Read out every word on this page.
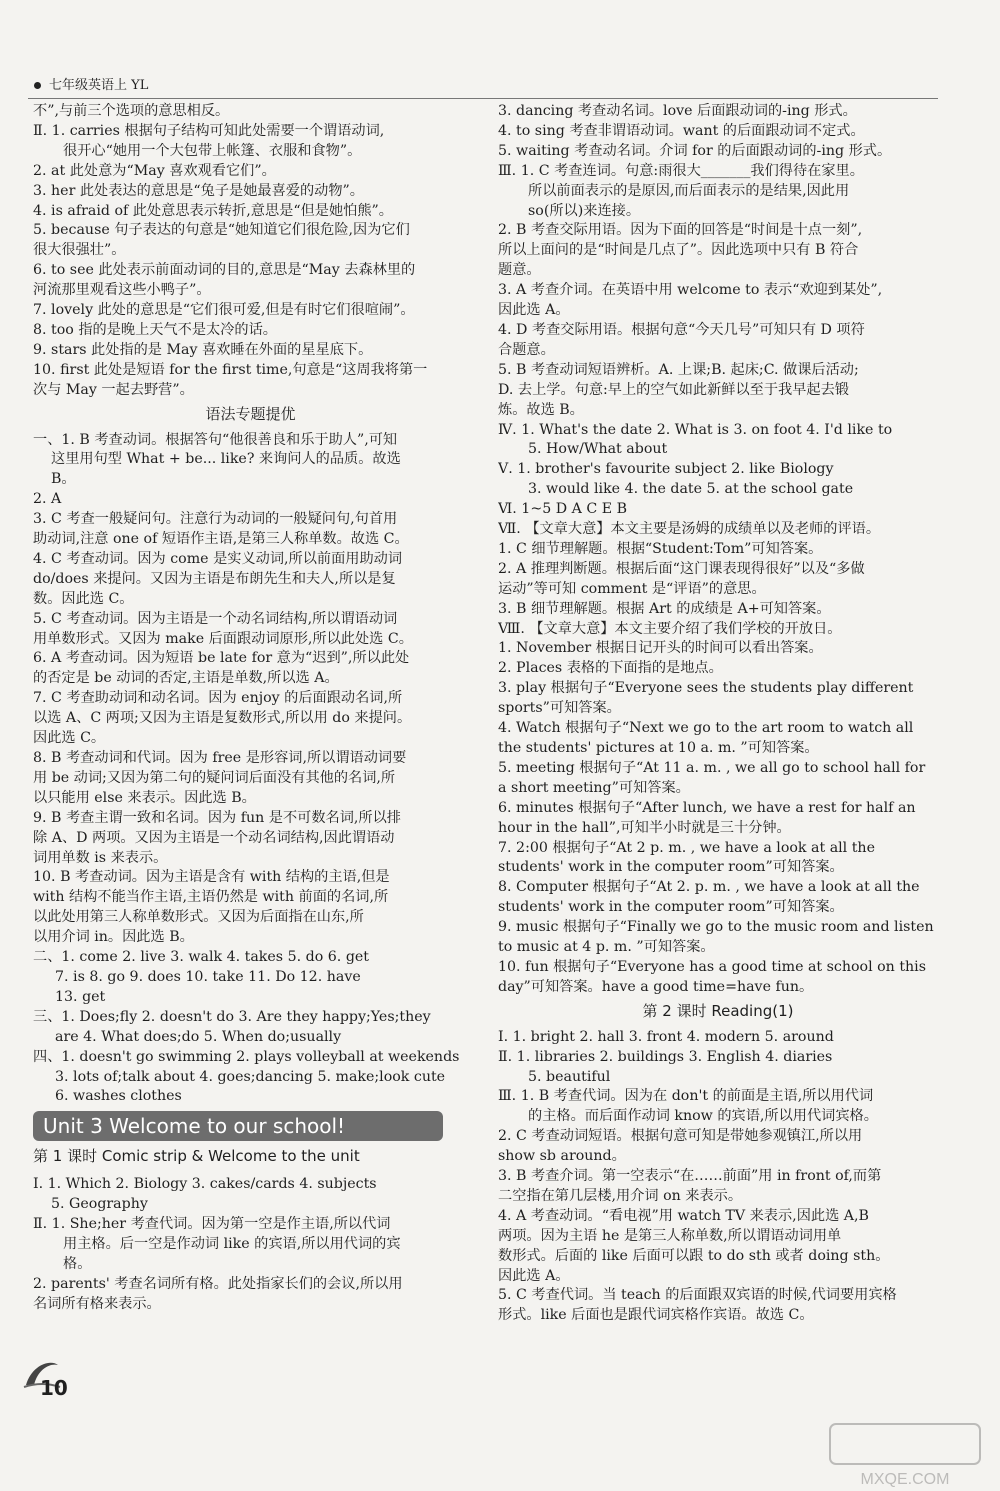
七年级英语上 YL
不”,与前三个选项的意思相反。
Ⅱ. 1. carries 根据句子结构可知此处需要一个谓语动词,
很开心“她用一个大包带上帐篷、衣服和食物”。
2. at 此处意为“May 喜欢观看它们”。
3. her 此处表达的意思是“兔子是她最喜爱的动物”。
4. is afraid of 此处意思表示转折,意思是“但是她怕熊”。
5. because 句子表达的句意是“她知道它们很危险,因为它们
很大很强壮”。
6. to see 此处表示前面动词的目的,意思是“May 去森林里的
河流那里观看这些小鸭子”。
7. lovely 此处的意思是“它们很可爱,但是有时它们很喧闹”。
8. too 指的是晚上天气不是太冷的话。
9. stars 此处指的是 May 喜欢睡在外面的星星底下。
10. first 此处是短语 for the first time,句意是“这周我将第一
次与 May 一起去野营”。
语法专题提优
一、1. B 考查动词。根据答句“他很善良和乐于助人”,可知
这里用句型 What + be... like? 来询问人的品质。故选
B。
2. A
3. C 考查一般疑问句。注意行为动词的一般疑问句,句首用
助动词,注意 one of 短语作主语,是第三人称单数。故选 C。
4. C 考查动词。因为 come 是实义动词,所以前面用助动词
do/does 来提问。又因为主语是布朗先生和夫人,所以是复
数。因此选 C。
5. C 考查动词。因为主语是一个动名词结构,所以谓语动词
用单数形式。又因为 make 后面跟动词原形,所以此处选 C。
6. A 考查动词。因为短语 be late for 意为“迟到”,所以此处
的否定是 be 动词的否定,主语是单数,所以选 A。
7. C 考查助动词和动名词。因为 enjoy 的后面跟动名词,所
以选 A、C 两项;又因为主语是复数形式,所以用 do 来提问。
因此选 C。
8. B 考查动词和代词。因为 free 是形容词,所以谓语动词要
用 be 动词;又因为第二句的疑问词后面没有其他的名词,所
以只能用 else 来表示。因此选 B。
9. B 考查主谓一致和名词。因为 fun 是不可数名词,所以排
除 A、D 两项。又因为主语是一个动名词结构,因此谓语动
词用单数 is 来表示。
10. B 考查动词。因为主语是含有 with 结构的主语,但是
with 结构不能当作主语,主语仍然是 with 前面的名词,所
以此处用第三人称单数形式。又因为后面指在山东,所
以用介词 in。因此选 B。
二、1. come 2. live 3. walk 4. takes 5. do 6. get
7. is 8. go 9. does 10. take 11. Do 12. have
13. get
三、1. Does;fly 2. doesn't do 3. Are they happy;Yes;they
are 4. What does;do 5. When do;usually
四、1. doesn't go swimming 2. plays volleyball at weekends
3. lots of;talk about 4. goes;dancing 5. make;look cute
6. washes clothes
Unit 3 Welcome to our school!
第 1 课时 Comic strip & Welcome to the unit
Ⅰ. 1. Which 2. Biology 3. cakes/cards 4. subjects
5. Geography
Ⅱ. 1. She;her 考查代词。因为第一空是作主语,所以代词
用主格。后一空是作动词 like 的宾语,所以用代词的宾
格。
2. parents' 考查名词所有格。此处指家长们的会议,所以用
名词所有格来表示。
3. dancing 考查动名词。love 后面跟动词的-ing 形式。
4. to sing 考查非谓语动词。want 的后面跟动词不定式。
5. waiting 考查动名词。介词 for 的后面跟动词的-ing 形式。
Ⅲ. 1. C 考查连词。句意:雨很大_______我们得待在家里。
所以前面表示的是原因,而后面表示的是结果,因此用
so(所以)来连接。
2. B 考查交际用语。因为下面的回答是“时间是十点一刻”,
所以上面问的是“时间是几点了”。因此选项中只有 B 符合
题意。
3. A 考查介词。在英语中用 welcome to 表示“欢迎到某处”,
因此选 A。
4. D 考查交际用语。根据句意“今天几号”可知只有 D 项符
合题意。
5. B 考查动词短语辨析。A. 上课;B. 起床;C. 做课后活动;
D. 去上学。句意:早上的空气如此新鲜以至于我早起去锻
炼。故选 B。
Ⅳ. 1. What's the date 2. What is 3. on foot 4. I'd like to
5. How/What about
Ⅴ. 1. brother's favourite subject 2. like Biology
3. would like 4. the date 5. at the school gate
Ⅵ. 1~5 D A C E B
Ⅶ. 【文章大意】本文主要是汤姆的成绩单以及老师的评语。
1. C 细节理解题。根据“Student:Tom”可知答案。
2. A 推理判断题。根据后面“这门课表现得很好”以及“多做
运动”等可知 comment 是“评语”的意思。
3. B 细节理解题。根据 Art 的成绩是 A+可知答案。
Ⅷ. 【文章大意】本文主要介绍了我们学校的开放日。
1. November 根据日记开头的时间可以看出答案。
2. Places 表格的下面指的是地点。
3. play 根据句子“Everyone sees the students play different
sports”可知答案。
4. Watch 根据句子“Next we go to the art room to watch all
the students' pictures at 10 a. m. ”可知答案。
5. meeting 根据句子“At 11 a. m. , we all go to school hall for
a short meeting”可知答案。
6. minutes 根据句子“After lunch, we have a rest for half an
hour in the hall”,可知半小时就是三十分钟。
7. 2:00 根据句子“At 2 p. m. , we have a look at all the
students' work in the computer room”可知答案。
8. Computer 根据句子“At 2. p. m. , we have a look at all the
students' work in the computer room”可知答案。
9. music 根据句子“Finally we go to the music room and listen
to music at 4 p. m. ”可知答案。
10. fun 根据句子“Everyone has a good time at school on this
day”可知答案。have a good time=have fun。
第 2 课时 Reading(1)
Ⅰ. 1. bright 2. hall 3. front 4. modern 5. around
Ⅱ. 1. libraries 2. buildings 3. English 4. diaries
5. beautiful
Ⅲ. 1. B 考查代词。因为在 don't 的前面是主语,所以用代词
的主格。而后面作动词 know 的宾语,所以用代词宾格。
2. C 考查动词短语。根据句意可知是带她参观镇江,所以用
show sb around。
3. B 考查介词。第一空表示“在……前面”用 in front of,而第
二空指在第几层楼,用介词 on 来表示。
4. A 考查动词。“看电视”用 watch TV 来表示,因此选 A,B
两项。因为主语 he 是第三人称单数,所以谓语动词用单
数形式。后面的 like 后面可以跟 to do sth 或者 doing sth。
因此选 A。
5. C 考查代词。当 teach 的后面跟双宾语的时候,代词要用宾格
形式。like 后面也是跟代词宾格作宾语。故选 C。
10
MXQE.COM
